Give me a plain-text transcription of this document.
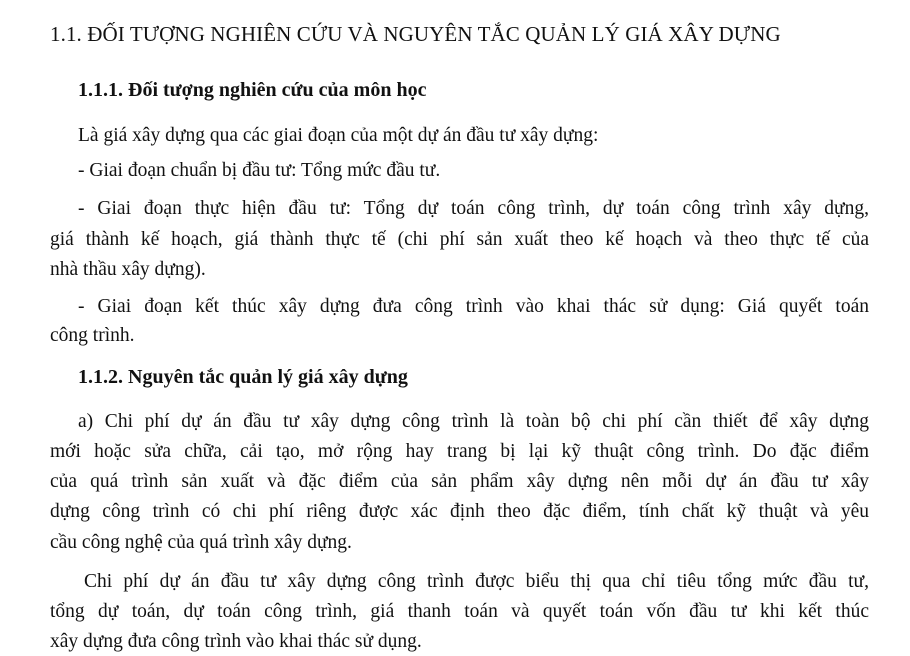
1.1. ĐỐI TƯỢNG NGHIÊN CỨU VÀ NGUYÊN TẮC QUẢN LÝ GIÁ XÂY DỰNG
1.1.1. Đối tượng nghiên cứu của môn học
Là giá xây dựng qua các giai đoạn của một dự án đầu tư xây dựng:
- Giai đoạn chuẩn bị đầu tư: Tổng mức đầu tư.
- Giai đoạn thực hiện đầu tư: Tổng dự toán công trình, dự toán công trình xây dựng,
giá thành kế hoạch, giá thành thực tế (chi phí sản xuất theo kế hoạch và theo thực tế của
nhà thầu xây dựng).
- Giai đoạn kết thúc xây dựng đưa công trình vào khai thác sử dụng: Giá quyết toán
công trình.
1.1.2. Nguyên tắc quản lý giá xây dựng
a) Chi phí dự án đầu tư xây dựng công trình là toàn bộ chi phí cần thiết để xây dựng
mới hoặc sửa chữa, cải tạo, mở rộng hay trang bị lại kỹ thuật công trình. Do đặc điểm
của quá trình sản xuất và đặc điểm của sản phẩm xây dựng nên mỗi dự án đầu tư xây
dựng công trình có chi phí riêng được xác định theo đặc điểm, tính chất kỹ thuật và yêu
cầu công nghệ của quá trình xây dựng.
Chi phí dự án đầu tư xây dựng công trình được biểu thị qua chỉ tiêu tổng mức đầu tư,
tổng dự toán, dự toán công trình, giá thanh toán và quyết toán vốn đầu tư khi kết thúc
xây dựng đưa công trình vào khai thác sử dụng.
